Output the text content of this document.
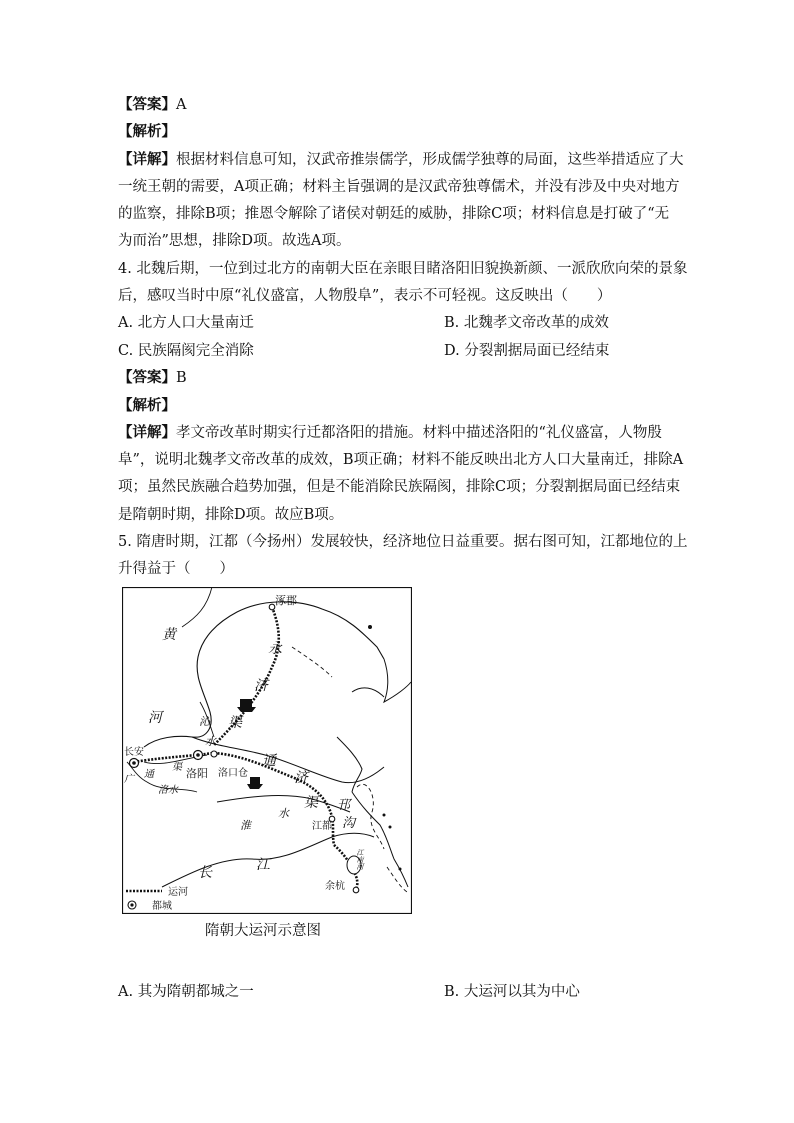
【答案】A
【解析】
【详解】根据材料信息可知，汉武帝推崇儒学，形成儒学独尊的局面，这些举措适应了大
一统王朝的需要，A项正确；材料主旨强调的是汉武帝独尊儒术，并没有涉及中央对地方
的监察，排除B项；推恩令解除了诸侯对朝廷的威胁，排除C项；材料信息是打破了“无
为而治”思想，排除D项。故选A项。
4. 北魏后期，一位到过北方的南朝大臣在亲眼目睹洛阳旧貌换新颜、一派欣欣向荣的景象
后，感叹当时中原“礼仪盛富，人物殷阜”，表示不可轻视。这反映出（　　）
A. 北方人口大量南迁	B. 北魏孝文帝改革的成效
C. 民族隔阂完全消除	D. 分裂割据局面已经结束
【答案】B
【解析】
【详解】孝文帝改革时期实行迁都洛阳的措施。材料中描述洛阳的“礼仪盛富，人物殷
阜”，说明北魏孝文帝改革的成效，B项正确；材料不能反映出北方人口大量南迁，排除A
项；虽然民族融合趋势加强，但是不能消除民族隔阂，排除C项；分裂割据局面已经结束
是隋朝时期，排除D项。故应B项。
5. 隋唐时期，江都（今扬州）发展较快，经济地位日益重要。据右图可知，江都地位的上
升得益于（　　）
涿郡
黄
河
永
济
渠
沁
水
长安
广 通
渠 洛阳 洛口仓
洛水
通
济
渠
淮
水
邗
沟
江都
江南河
长	江
余杭
运河
都城
隋朝大运河示意图
A. 其为隋朝都城之一	B. 大运河以其为中心
